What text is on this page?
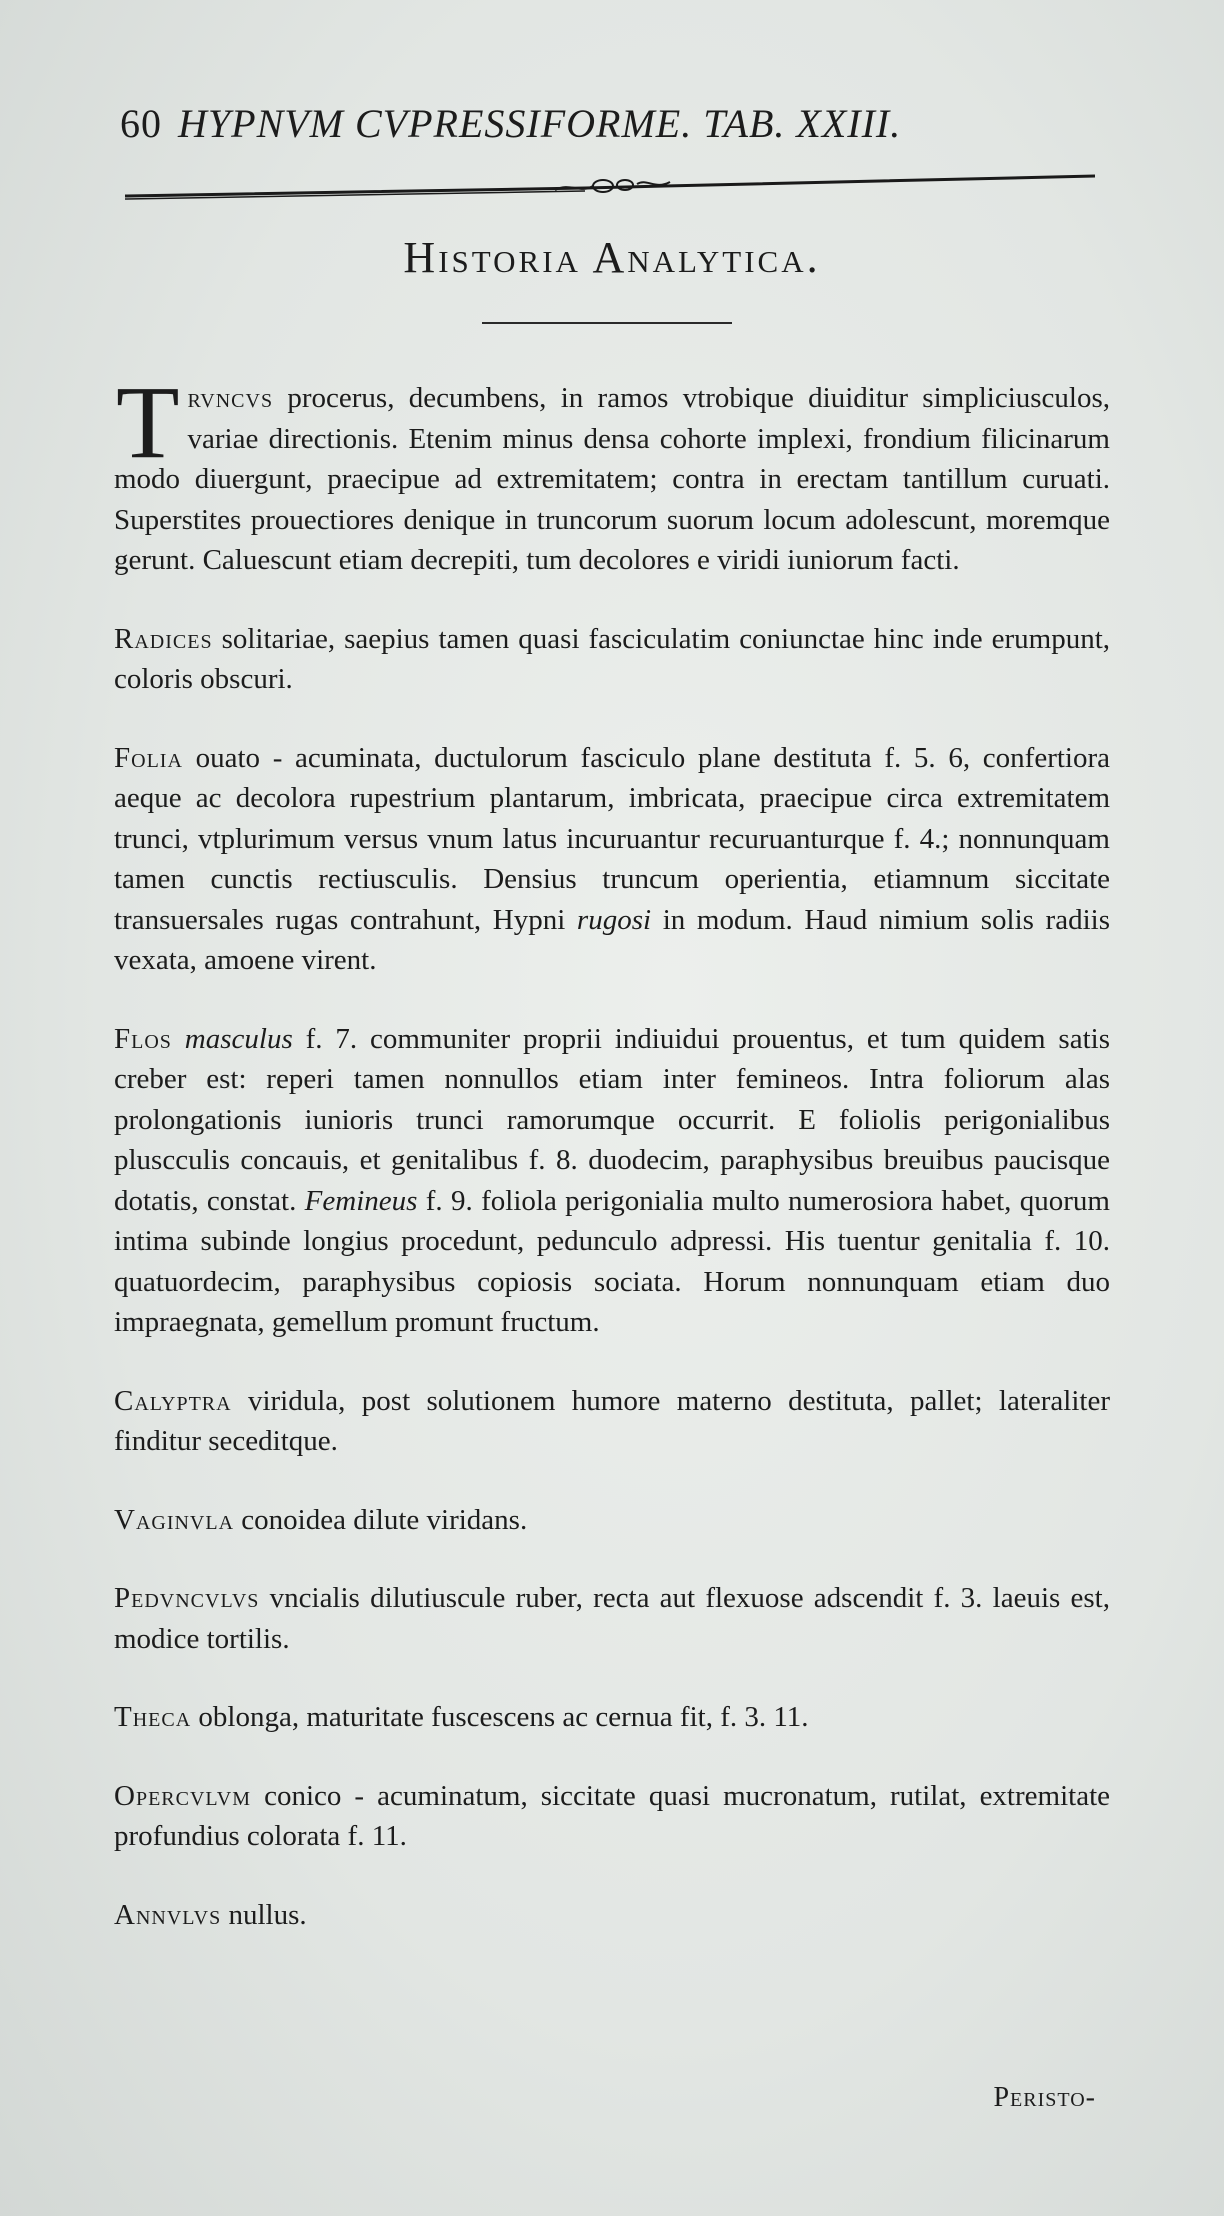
60 HYPNVM CVPRESSIFORME. TAB. XXIII.
Historia Analytica.

Trvncvs procerus, decumbens, in ramos vtrobique diuiditur simpliciusculos, variae directionis. Etenim minus densa cohorte implexi, frondium filicinarum modo diuergunt, praecipue ad extremitatem; contra in erectam tantillum curuati. Superstites prouectiores denique in truncorum suorum locum adolescunt, moremque gerunt. Caluescunt etiam decrepiti, tum decolores e viridi iuniorum facti.

Radices solitariae, saepius tamen quasi fasciculatim coniunctae hinc inde erumpunt, coloris obscuri.

Folia ouato - acuminata, ductulorum fasciculo plane destituta f. 5. 6, confertiora aeque ac decolora rupestrium plantarum, imbricata, praecipue circa extremitatem trunci, vtplurimum versus vnum latus incuruantur recuruanturque f. 4.; nonnunquam tamen cunctis rectiusculis. Densius truncum operientia, etiamnum siccitate transuersales rugas contrahunt, Hypni rugosi in modum. Haud nimium solis radiis vexata, amoene virent.

Flos masculus f. 7. communiter proprii indiuidui prouentus, et tum quidem satis creber est: reperi tamen nonnullos etiam inter femineos. Intra foliorum alas prolongationis iunioris trunci ramorumque occurrit. E foliolis perigonialibus pluscculis concauis, et genitalibus f. 8. duodecim, paraphysibus breuibus paucisque dotatis, constat. Femineus f. 9. foliola perigonialia multo numerosiora habet, quorum intima subinde longius procedunt, pedunculo adpressi. His tuentur genitalia f. 10. quatuordecim, paraphysibus copiosis sociata. Horum nonnunquam etiam duo impraegnata, gemellum promunt fructum.

Calyptra viridula, post solutionem humore materno destituta, pallet; lateraliter finditur seceditque.

Vaginvla conoidea dilute viridans.

Pedvncvlvs vncialis dilutiuscule ruber, recta aut flexuose adscendit f. 3. laeuis est, modice tortilis.

Theca oblonga, maturitate fuscescens ac cernua fit, f. 3. 11.

Opercvlvm conico - acuminatum, siccitate quasi mucronatum, rutilat, extremitate profundius colorata f. 11.

Annvlvs nullus.

Peristo-
